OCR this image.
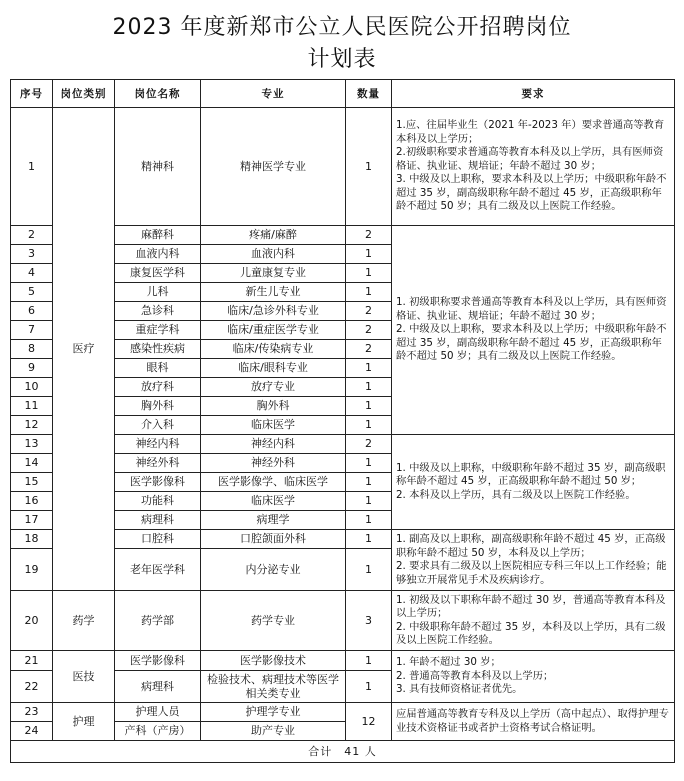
2023 年度新郑市公立人民医院公开招聘岗位
计划表
序号	岗位类别	岗位名称	专业	数量	要求
1	医疗	精神科	精神医学专业	1	1.应、往届毕业生（2021 年-2023 年）要求普通高等教育本科及以上学历；
2.初级职称要求普通高等教育本科及以上学历，具有医师资格证、执业证、规培证；年龄不超过 30 岁；
3. 中级及以上职称，要求本科及以上学历；中级职称年龄不超过 35 岁，副高级职称年龄不超过 45 岁，正高级职称年龄不超过 50 岁；具有二级及以上医院工作经验。

2		麻醉科	疼痛/麻醉	2	1. 初级职称要求普通高等教育本科及以上学历，具有医师资格证、执业证、规培证；年龄不超过 30 岁；
2. 中级及以上职称，要求本科及以上学历；中级职称年龄不超过 35 岁，副高级职称年龄不超过 45 岁，正高级职称年龄不超过 50 岁；具有二级及以上医院工作经验。

3		血液内科	血液内科	1	
4		康复医学科	儿童康复专业	1	
5		儿科	新生儿专业	1	
6		急诊科	临床/急诊外科专业	2	
7		重症学科	临床/重症医学专业	2	
8		感染性疾病	临床/传染病专业	2	
9		眼科	临床/眼科专业	1	
10		放疗科	放疗专业	1	
11		胸外科	胸外科	1	
12		介入科	临床医学	1	
13		神经内科	神经内科	2	1. 中级及以上职称，中级职称年龄不超过 35 岁，副高级职称年龄不超过 45 岁，正高级职称年龄不超过 50 岁；
2. 本科及以上学历，具有二级及以上医院工作经验。

14		神经外科	神经外科	1	
15		医学影像科	医学影像学、临床医学	1	
16		功能科	临床医学	1	
17		病理科	病理学	1	
18		口腔科	口腔颌面外科	1	1. 副高及以上职称，副高级职称年龄不超过 45 岁，正高级职称年龄不超过 50 岁，本科及以上学历；
2. 要求具有二级及以上医院相应专科三年以上工作经验；能够独立开展常见手术及疾病诊疗。

19		老年医学科	内分泌专业	1	
20	药学	药学部	药学专业	3	1. 初级及以下职称年龄不超过 30 岁，普通高等教育本科及以上学历；
2. 中级职称年龄不超过 35 岁，本科及以上学历，具有二级及以上医院工作经验。

21	医技	医学影像科	医学影像技术	1	1. 年龄不超过 30 岁；
2. 普通高等教育本科及以上学历；
3. 具有技师资格证者优先。

22		病理科	检验技术、病理技术等医学相关类专业	1	
23	护理	护理人员	护理学专业	12	应届普通高等教育专科及以上学历（高中起点）、取得护理专业技术资格证书或者护士资格考试合格证明。

24		产科（产房）	助产专业		
合计　41 人					
